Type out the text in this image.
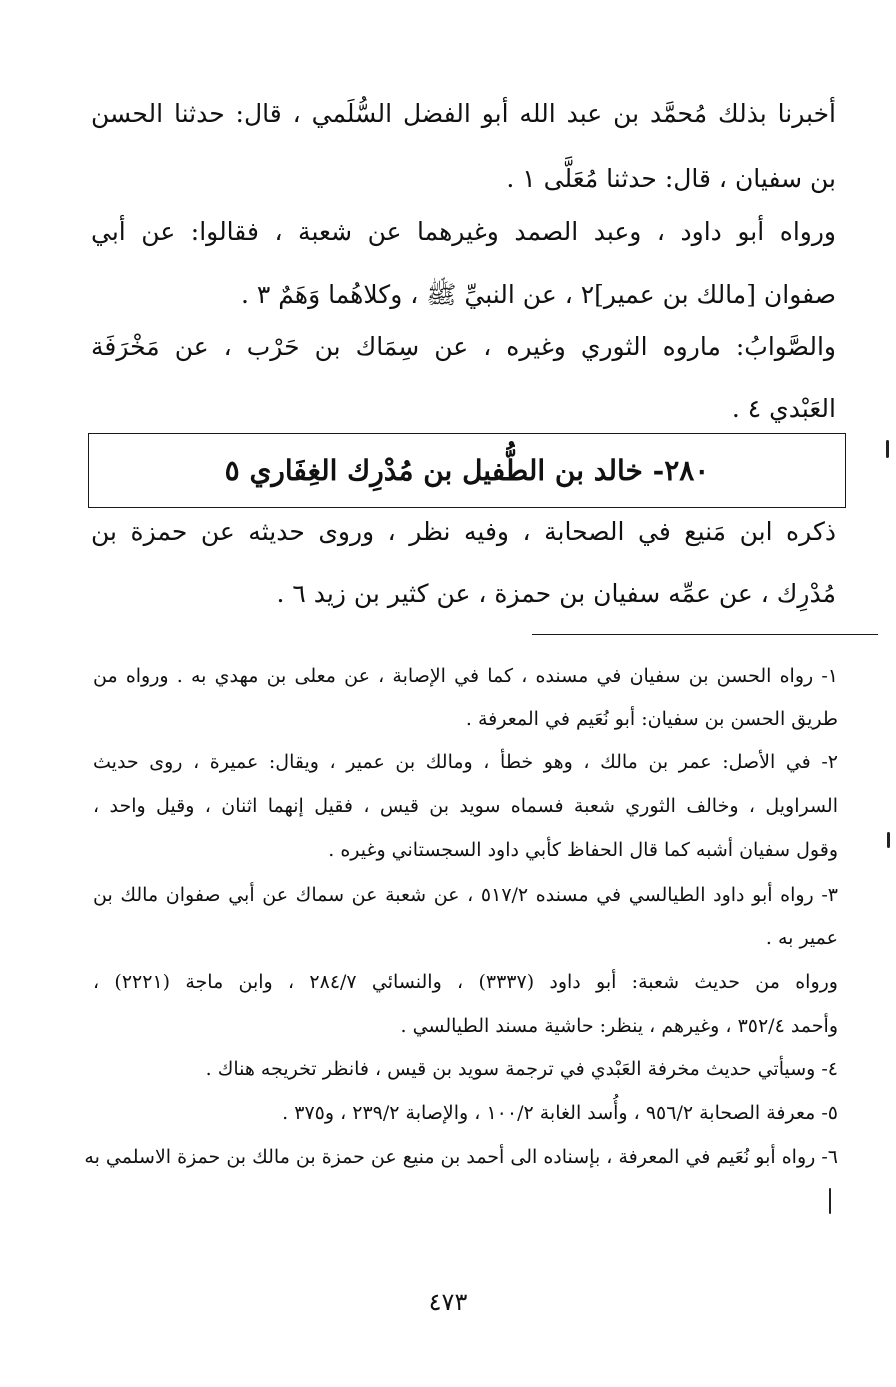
أخبرنا بذلك مُحمَّد بن عبد الله أبو الفضل السُّلَمي ، قال: حدثنا الحسن
بن سفيان ، قال: حدثنا مُعَلَّى ١ .
ورواه أبو داود ، وعبد الصمد وغيرهما عن شعبة ، فقالوا: عن أبي
صفوان [مالك بن عمير]٢ ، عن النبيِّ ﷺ ، وكلاهُما وَهَمٌ ٣ .
والصَّوابُ: ماروه الثوري وغيره ، عن سِمَاك بن حَرْب ، عن مَخْرَفَة
العَبْدي ٤ .
٢٨٠- خالد بن الطُّفيل بن مُدْرِك الغِفَاري ٥
ذكره ابن مَنيع في الصحابة ، وفيه نظر ، وروى حديثه عن حمزة بن
مُدْرِك ، عن عمِّه سفيان بن حمزة ، عن كثير بن زيد ٦ .
١- رواه الحسن بن سفيان في مسنده ، كما في الإصابة ، عن معلى بن مهدي به . ورواه من
طريق الحسن بن سفيان: أبو نُعَيم في المعرفة .
٢- في الأصل: عمر بن مالك ، وهو خطأ ، ومالك بن عمير ، ويقال: عميرة ، روى حديث
السراويل ، وخالف الثوري شعبة فسماه سويد بن قيس ، فقيل إنهما اثنان ، وقيل واحد ،
وقول سفيان أشبه كما قال الحفاظ كأبي داود السجستاني وغيره .
٣- رواه أبو داود الطيالسي في مسنده ٥١٧/٢ ، عن شعبة عن سماك عن أبي صفوان مالك بن
عمير به .
ورواه من حديث شعبة: أبو داود (٣٣٣٧) ، والنسائي ٢٨٤/٧ ، وابن ماجة (٢٢٢١) ،
وأحمد ٣٥٢/٤ ، وغيرهم ، ينظر: حاشية مسند الطيالسي .
٤- وسيأتي حديث مخرفة العَبْدي في ترجمة سويد بن قيس ، فانظر تخريجه هناك .
٥- معرفة الصحابة ٩٥٦/٢ ، وأُسد الغابة ١٠٠/٢ ، والإصابة ٢٣٩/٢ ، و٣٧٥ .
٦- رواه أبو نُعَيم في المعرفة ، بإسناده الى أحمد بن منيع عن حمزة بن مالك بن حمزة الاسلمي به
٤٧٣
